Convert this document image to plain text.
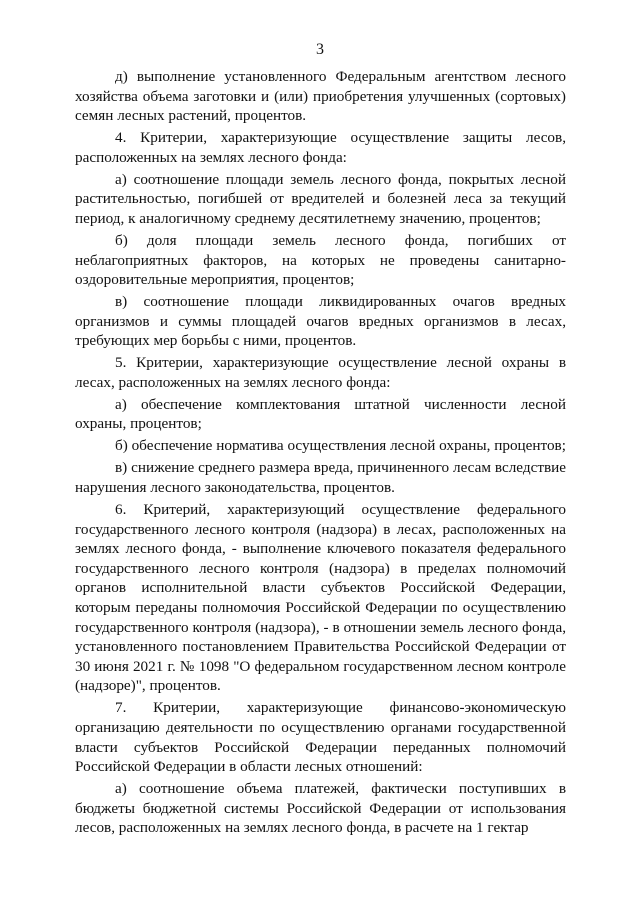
3

д) выполнение установленного Федеральным агентством лесного хозяйства объема заготовки и (или) приобретения улучшенных (сортовых) семян лесных растений, процентов.

4. Критерии, характеризующие осуществление защиты лесов, расположенных на землях лесного фонда:

а) соотношение площади земель лесного фонда, покрытых лесной растительностью, погибшей от вредителей и болезней леса за текущий период, к аналогичному среднему десятилетнему значению, процентов;

б) доля площади земель лесного фонда, погибших от неблагоприятных факторов, на которых не проведены санитарно-оздоровительные мероприятия, процентов;

в) соотношение площади ликвидированных очагов вредных организмов и суммы площадей очагов вредных организмов в лесах, требующих мер борьбы с ними, процентов.

5. Критерии, характеризующие осуществление лесной охраны в лесах, расположенных на землях лесного фонда:

а) обеспечение комплектования штатной численности лесной охраны, процентов;

б) обеспечение норматива осуществления лесной охраны, процентов;

в) снижение среднего размера вреда, причиненного лесам вследствие нарушения лесного законодательства, процентов.

6. Критерий, характеризующий осуществление федерального государственного лесного контроля (надзора) в лесах, расположенных на землях лесного фонда, - выполнение ключевого показателя федерального государственного лесного контроля (надзора) в пределах полномочий органов исполнительной власти субъектов Российской Федерации, которым переданы полномочия Российской Федерации по осуществлению государственного контроля (надзора), - в отношении земель лесного фонда, установленного постановлением Правительства Российской Федерации от 30 июня 2021 г. № 1098 "О федеральном государственном лесном контроле (надзоре)", процентов.

7. Критерии, характеризующие финансово-экономическую организацию деятельности по осуществлению органами государственной власти субъектов Российской Федерации переданных полномочий Российской Федерации в области лесных отношений:

а) соотношение объема платежей, фактически поступивших в бюджеты бюджетной системы Российской Федерации от использования лесов, расположенных на землях лесного фонда, в расчете на 1 гектар
